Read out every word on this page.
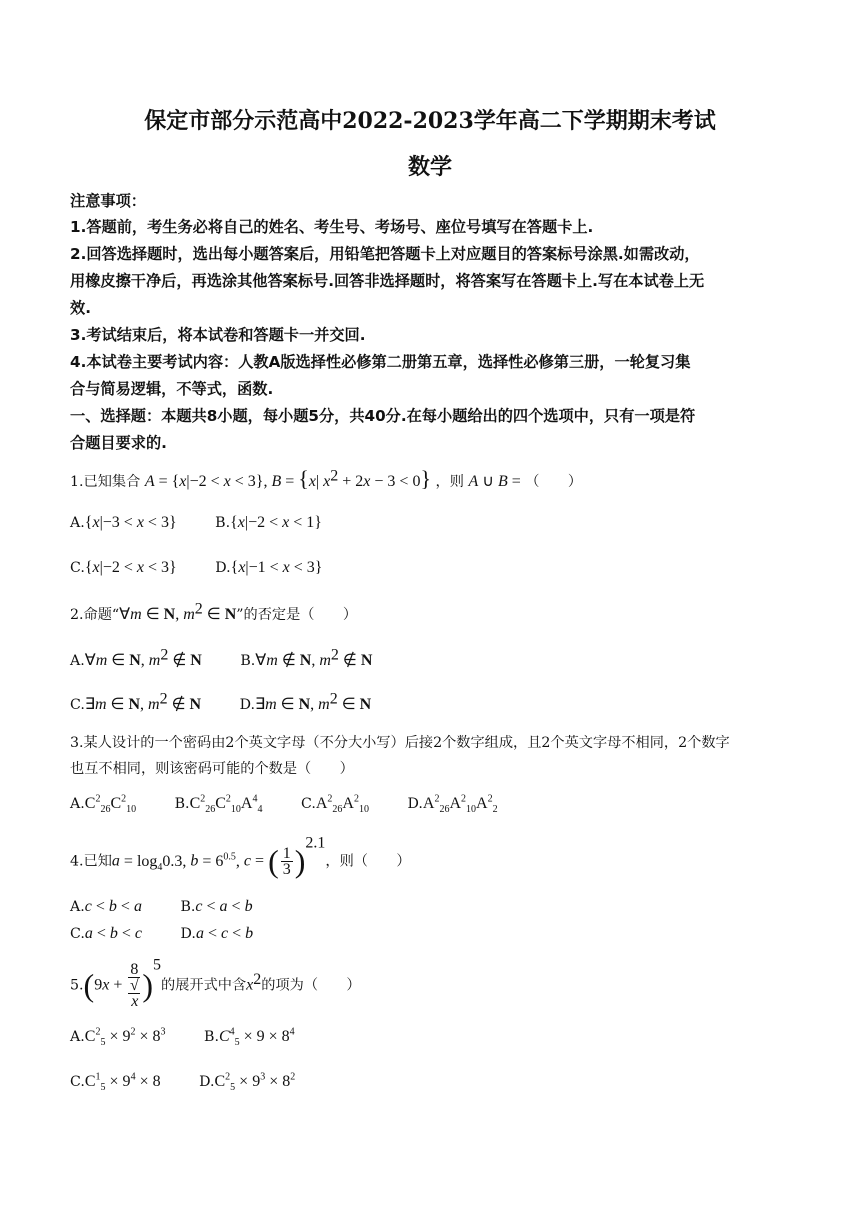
保定市部分示范高中2022-2023学年高二下学期期末考试
数学
注意事项：
1.答题前，考生务必将自己的姓名、考生号、考场号、座位号填写在答题卡上.
2.回答选择题时，选出每小题答案后，用铅笔把答题卡上对应题目的答案标号涂黑.如需改动，
用橡皮擦干净后，再选涂其他答案标号.回答非选择题时，将答案写在答题卡上.写在本试卷上无
效.
3.考试结束后，将本试卷和答题卡一并交回.
4.本试卷主要考试内容：人教A版选择性必修第二册第五章，选择性必修第三册，一轮复习集
合与简易逻辑，不等式，函数.
一、选择题：本题共8小题，每小题5分，共40分.在每小题给出的四个选项中，只有一项是符
合题目要求的.
1.已知集合 A = {x|−2 < x < 3}, B = {x| $x^2 + 2x - 3 < 0$} ，则 A ∪ B = （　　）
A.{x|−3 < x < 3}	B.{x|−2 < x < 1}
C.{x|−2 < x < 3}	D.{x|−1 < x < 3}
2.命题“∀m ∈ N, $m^2$ ∈ N”的否定是（　　）
A.∀m ∈ N, $m^2$ ∉ N	B.∀m ∉ N, $m^2$ ∉ N
C.∃m ∈ N, $m^2$ ∉ N	D.∃m ∈ N, $m^2$ ∈ N
3.某人设计的一个密码由2个英文字母（不分大小写）后接2个数字组成，且2个英文字母不相同，2个数字
也互不相同，则该密码可能的个数是（　　）
$A.C^2_{26}C^2_{10}$	$B.C^2_{26}C^2_{10}A^4_4$	$C.A^2_{26}A^2_{10}$	$D.A^2_{26}A^2_{10}A^2_2$
4.已知$a = \log_40.3$, $b = 6^{0.5}$, c = ( $\frac{1}{3} )^{2.1}$，则（　　）
A.c < b < a	B.c < a < b
C.a < b < c	D.a < c < b
5.(9x + 8
√
x )$^5$的展开式中含$x^2$的项为（　　）
$A.C^2_5 \times 9^2 \times 8^3$	$B.C^4_5 \times 9 \times 8^4$
$C.C^1_5 \times 9^4 \times 8$	$D.C^2_5 \times 9^3 \times 8^2$
